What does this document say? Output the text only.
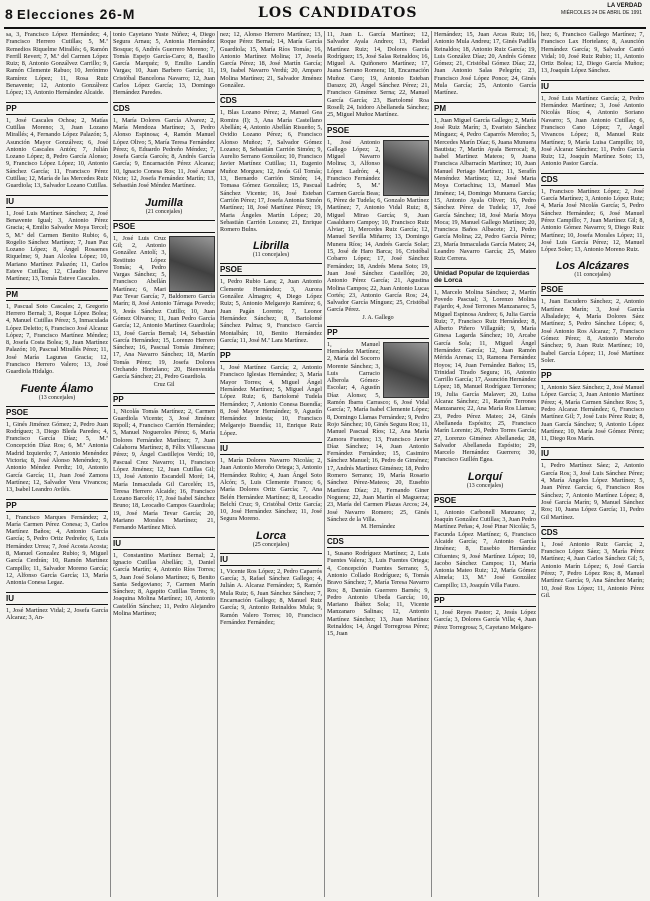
8 Elecciones 26-M	LOS CANDIDATOS	LA VERDAD
MIÉRCOLES 24 DE ABRIL DE 1991

sa, 3, Francisco López Hernández; 4, Francisco Herrero Cutillas; 5, M.ª Remedios Riquelme Mirallés; 6, Ramón Ferrill Revert; 7, M.ª del Carmen López Ruiz; 8, Antonio Gonzálvez Carrillo; 9, Ramón Clemente Rabuo; 10, Jerónimo Ramírez López; 11, Rosa Ruiz Benavente; 12, Antonio Gonzálvez López; 13, Antonio Hernández Alcaide.

PP

1, José Cascales Ochoa; 2, Matías Cutillas Moreno; 3, Juan Lozano Mirallés; 4, Fernando López Palazón; 5, Asunción Mayor Gonzálvez; 6, José Antonio Cascales Antón; 7, Julián Lozano López; 8, Pedro García Alonso; 9, Francisco López López; 10, Antonio Sánchez García; 11, Francisco Pérez Cutillas; 12, María de las Mercedes Ruiz Guardiola; 13, Salvador Lozano Cutillas.

IU

1, José Luis Martínez Sánchez; 2, José Benavente Igual; 3, Antonio Pérez Gracia; 4, Emilio Salvador Moya Tercel; 5, M.ª del Carmen Benito Rubio; 6, Rogelio Sánchez Martínez; 7, Juan Paz Lozano López; 8, Ángel Rosaenes Riquelme; 9, Juan Alcolea López; 10, Mariano Martínez Palazón; 11, Carlos Esteve Cutillas; 12, Claudio Esteve Martínez; 13, Tomás Esteve Cascales.

PM

1, Pascual Soto Cascales; 2, Gregorio Herrero Bernal; 3, Roque López Bolea; 4, Manuel Cutillas Pérez; 5, Inmaculada López Deleito; 6, Francisco José Alcaraz López; 7, Francisco Martínez Méndez; 8, Josefa Costa Bolea; 9, Juan Martínez Palazón; 10, Pascual Mirallés Pérez; 11, José María Lagunas Gracia; 12, Francisco Herrero Valero; 13, José Guardiola Hidalgo.

Fuente Álamo
(13 concejales)
PSOE

1, Ginés Jiménez Gómez; 2, Pedro Juan Rodríguez; 3, Diego Bleda Paredes; 4, Francisco García Díaz; 5, M.ª Concepción Díaz Ros; 6, M.ª Antonia Madrid Izquierdo; 7, Antonio Menéndez Victoria; 8, José Alonso Menéndez; 9, Antonio Méndez Perdiz; 10, Antonio García García; 11, Juan José Zamora Martínez; 12, Salvador Vera Vivancos; 13, Isabel Leandro Avilés.

PP

1, Francisco Marques Fernández; 2, María Carmen Pérez Conesa; 3, Carlos Martínez Baños; 4, Antonio García García; 5, Pedro Ortiz Pedreño; 6, Luis Hernández Urrea; 7, José Acosta Acosta; 8, Manuel Gonzalez Rubio; 9, Miguel García Cerdrán; 10, Ramón Martínez Campillo; 11, Salvador Moreno García; 12, Alfonso García García; 13, María Antonia Conesa Legaz.

IU

1, José Martínez Vidal; 2, Josefa García Alcaraz; 3, An-

tonio Cayetano Yuste Núñez; 4, Diego Segura Arnau; 5, Antonia Hernández Bosque; 6, Andrés Guerrero Moreno; 7, Tomás Espejo García-Caro; 8, Basilio García Marquéz; 9, Emilio Landín Vargas; 10, Juan Barbero García; 11, Cristóbal Bancelona Navarro; 12, Juan Carlos López García; 13, Domingo Hernández Paredes.

CDS

1, María Dolores García Alvarez; 2, María Mendoza Martínez; 3, Pedro Alonso Espinosa; 4, Ramón Manuel López Olivo; 5, María Teresa Fernández Pérez; 6, Eduardo Pedreño Méndez; 7, Josefa García Garcés; 8, Andrés García García; 9, Encarnación Pérez Alcaraz; 10, Ignacio Conesa Ros; 11, José Aznar Nicte; 12, Josefa Fernández Martín; 13, Sebastián José Méndez Martínez.

Jumilla
(21 concejales)
PSOE

1, José Luis Cruz Gil; 2, Antonio González Antolí; 3, Restituto López Tomás; 4, Pedro Vargas Sánchez; 5, Francisco Abellán Martínez; 6, Mari Paz Tevar García; 7, Baldomero García Marín; 8, José Antonio Tárraga Povedo; 9, Jesús Sánchez Cutillo; 10, Juan Gómez Olivares; 11, Juan Pedro García García; 12, Antonio Martínez Guardiola; 13, José García Bernal; 14, Sebastián García Hernández; 15, Lorenzo Herrero Sánchez; 16, Pascual Tomás Jiménez; 17, Ana Navarro Sánchez; 18, Martín Tomás Pérez; 19, Josefa Dolores Orchando Hortelano; 20, Bienvenida García Sánchez; 21, Pedro Guardiola.

Cruz Gil
PP

1, Nicolás Tomás Martínez; 2, Carmen Guardiola Vicente; 3, José Jiménez Ripoll; 4, Francisco Carrión Hernández; 5, Manuel Nogueroles Pérez; 6, María Dolores Fernández Martínez; 7, Juan Calahorra Martínez; 8, Félix Villaescusa Pérez; 9, Ángel Castillejos Verdú; 10, Pascual Crez Navarro; 11, Francisco López Jiménez; 12, Juan Cutillas Gil; 13, José Antonio Escandell Moré; 14, María Inmaculada Gil Carcelén; 15, Teresa Herrero Alcaide; 16, Francisco Lozano Barceló; 17, José Isabel Sánchez Bruno; 18, Leocadio Campos Guardiola; 19, José María Tevar García; 20, Mariano Morales Martínez; 21, Fernando Martínez Micó.

IU

1, Constantino Martínez Bernal; 2, Ignacio Cutillas Abellán; 3, Daniel García Martín; 4, Antonio Ríos Torres; 5, Juan José Solano Martínez; 6, Benito Santa Sedgoviano; 7, Carmen Marín Sánchez; 8, Agapito Cutillas Torres; 9, Joaquina Molina Martínez; 10, Antonio Castellón Sánchez; 11, Pedro Alejandro Molina Martínez;

nez; 12, Alonso Herrero Martínez; 13, Roque Pérez Bernal; 14, María García Guardiola; 15, María Ríos Tomás; 16, Antonio Martínez Molina; 17, Josefa García Pérez; 18, José Martín García; 19, Isabel Navarro Verdú; 20, Amparo Molina Martínez; 21, Salvador Jiménez González.

CDS

1, Blas Lozano Pérez; 2, Manuel Gea Romira (I); 3, Ana María Castellano Abellán; 4, Antonio Abellán Risueño; 5, Ovidio Lozano Pérez; 6, Francisco Alonso Muñoz; 7, Salvador Gómez Lozano; 8, Sebastián Carrión Simón; 9, Aurelio Serrano González; 10, Francisco Javier Martínez Cutillas; 11, Eugenio Muñoz Morgues; 12, Jesús Gil Tomás; 13, Bernardo Carrión Simón; 14, Tomasa Gómez González; 15, Pascual Sánchez Vicente; 16, José Esteban Carrión Pérez; 17, Josefa Antonia Simón Martínez; 18, José Martínez Pérez; 19, Maria Ángeles Martín López; 20, Sebastián Carrión Lozano; 21, Enrique Romero Bulns.

Librilla
(11 concejales)
PSOE

1, Pedro Rubio Lara; 2, Juan Antonio Clemente Hernández; 3, Aurora González Almagro; 4, Diego López Ruiz; 5, Antonio Melgarejo Ramírez; 6, Juan Pagán Lorente; 7, Leonor Hernández Sánchez; 8, Bartolomé Sánchez Palma; 9, Francisco García Montalbán; 10, Benito Hernández García; 11, José M.ª Lara Martínez.

PP

1, José Martínez García; 2, Antonio Francisco Iglesias Hernández; 3, María Mayor Torres; 4, Miguel Ángel Hernández Martínez; 5, Miguel Ángel López Ruiz; 6, Bartolomé Tudela Hernández; 7, Antonio Conesa Buendía; 8, José Mayor Hernández; 9, Agustín Hernández Iniesta; 10, Francisco Melgarejo Buendía; 11, Enrique Ruiz López.

IU

1, María Dolores Navarro Nicolás; 2, Juan Antonio Meroño Ortega; 3, Antonio Hernández Rubio; 4, Juan Ángel Soto Alcón; 5, Luis Clemente Franco; 6, María Dolores Ortiz García; 7, Ana Belén Hernández Martínez; 8, Leocadio Belchí Cruz; 9, Cristóbal Ortiz García; 10, José Hernández Sánchez; 11, José Segura Moreno.

Lorca
(25 concejales)
IU

1, Vicente Ros López; 2, Pedro Caparrós García; 3, Rafael Sánchez Gallego; 4, Julián A. Alcaraz Fernández; 5, Ramón Mula Ruiz; 6, Juan Sánchez Sánchez; 7, Encarnación Gallego; 8, Manuel Ruiz García; 9, Antonio Reinaldos Mula; 9, Ramón Valero Torres; 10, Francisco Fernández Fernández;

11, Juan L. García Martínez; 12, Salvador Ayala Andreo; 13, Piedad Martínez Ruiz; 14, Dolores García Rodríguez; 15, José Salas Reinaldos; 16, Miguel A. Quiñonero Martínez; 17, Juana Serrano Romera; 18, Encarnación Muñoz Caro; 19, Antonio Esteban Darazo; 20, Ángel Sánchez Pérez; 21, Francisco Giménez Serna; 22, Manuel García García; 23, Bartolomé Roa Rosell; 24, Isidoro Abellaneda Sánchez; 25, Miguel Muñoz Martínez.

PSOE

1, José Antonio Gallego López; 2, Miguel Navarro Molina; 3, Alfonso López Ladrón; 4, Francisco Fernández Ladrón; 5, M.ª Carmen García Beas; 6, Pérez de Tudela; 6, Gonzalo Martínez Martínez; 7, Antonio Vidal Ruiz; 8, Miguel Mirao García; 9, Juan Casalduero Campoy; 10, Francisco Ruiz Alviar; 11, Mercedes Ruiz García; 12, Manuel Sevilla Miñarro; 13, Domingo Munera Ríos; 14, Andrés García Solar; 15, José de Haro Barca; 16, Cristóbal Cobarro López; 17, José Sánchez Fernández; 18, Andrés Mena Soto; 19, Juan José Sánchez Castellón; 20, Antonio Pérez García; 21, Agustina Molina Campos; 22, Juan Antonio Lucas Cortés; 23, Antonio García Ros; 24, Salvador García Mínguez; 25, Cristóbal García Pérez.

J. A. Gallego
PP

1, Manuel Hernández Martínez; 2, María del Socorro Morente Sánchez; 3, Luis Carracio Alberola Gómez-Escolar; 4, Agustín Díaz Alonso; 5, Ramón Ibarra Carrasco; 6, José Vidal García; 7, María Isabel Clemente López; 8, Domingo Llamas Fernández; 9, Pedro Rojo Sánchez; 10, Ginés Segura Ros; 11, Manuel Pascual Ríos; 12, Ana María Zamora Fuentes; 13, Francisco Javier Díaz Sánchez; 14, Juan Antonio Fernández Fernández; 15, Casimiro Sánchez Manuel; 16, Pedro de Giménez; 17, Andrés Martínez Giménez; 18, Pedro Romero Serrano; 19, María Rosario Sánchez Pérez-Mateos; 20, Eusebio Martínez Díaz; 21, Fernando Giner Noguera; 22, Juan Martín el Maguerza; 23, María del Carmen Plazas Arcos; 24, José Navarro Romero; 25, Ginés Sánchez de la Villa.

M. Hernández
CDS

1, Susano Rodríguez Martínez; 2, Luis Fuentes Valera; 3, Luis Fuentes Ortega; 4, Concepción Fuentes Serrano; 5, Antonio Collado Rodríguez; 6, Tomás Bravo Sánchez; 7, María Teresa Navarro Ros; 8, Damián Guerrero Barnés; 9, Pedro Antonio Ubeda García; 10, Mariano Ibáñez Sola; 11, Vicente Manzanaro Salinas; 12, Antonio Martínez Sánchez; 13, Juan Martínez Reinaldos; 14, Ángel Torregrosa Pérez; 15, Juan

Hernández; 15, Juan Arcas Ruiz; 16, Antonio Mula Andreu; 17, Ginés Padilla Reinaldos; 18, Antonio Ruiz García; 19, Luis González Díaz; 20, Andrés Gómez Gómez; 21, Cristóbal Gómez Díaz; 22, Juan Antonio Salas Pelegrín; 23, Francisco José López Ponce; 24, Ginés Mula García; 25, Antonio García Martínez.

PM

1, Juan Miguel García Gallego; 2, María José Ruiz Marín; 3, Evaristo Sánchez Mínguez; 4, Pedro Caparrós Meroño; 5, Mercedes Marín Díaz; 6, Juana Munuera Bautista; 7, Martín Ayala Berrocal; 8, Isabel Martínez Mateos; 9, Juana Francisca Albarracín Martínez; 10, Juan Manuel Periago Martínez; 11, Serafín Menéndez Martínez; 12, José Maria Moya Cortachina; 13, Manuel Mas Jiménez; 14, Domingo Munuera García; 15, Antonio Ayala Oliver; 16, Pedro Sánchez Pérez de Tudela; 17, José García Sánchez; 18, José María Moya Moca; 19, Manuel Gallego Martínez; 20, Francisca Baños Albacete; 21, Pedro García Molina; 22, Pedro García Pérez; 23, María Inmaculada García Mateo; 24, Leandro Navarro García; 25, Mateo Ruiz Cerrera.

Unidad Popular de Izquierdas de Lorca

1, Marcelo Molina Sánchez; 2, Martín Povedo Pascual; 3, Lorenzo Molina Fajardo; 4, José Terrones Manzanares; 5, Miguel Espinosa Andreo; 6, Julia García Ruiz; 7, Francisco Ruiz Hernández; 8, Alberto Piñero Villagráñ; 9, María Ginesa Lagarda Sánchez; 10, Arcabe García Sola; 11, Miguel Ángel Hernández García; 12, Juan Ramón Mérida Arenas; 13, Ramona Fernández Hoyos; 14, Juan Fernández Baños; 15, Trinidad Tirado Segura; 16, Antonio Carrillo García; 17, Asunción Hernández López; 18, Manuel Rodríguez Terrones; 19, Julia García Malaver; 20, Luisa Alcaraz Sánchez; 21, Ramón Terrones Manzanares; 22, Ana María Ros Llamas; 23, Pedro Pérez Mateo; 24, Ginés Abellaneda Espósito; 25, Francisco Marín Lorente; 26, Pedro Torres García; 27, Lorenzo Giménez Abellaneda; 28, Salvador Abellaneda Espósito; 29, Marcelo Hernández Guerrero; 30, Francisco Guillén Egea.

Lorquí
(13 concejales)
PSOE

1, Antonio Carbonell Manzano; 2, Joaquín González Cutillas; 3, Juan Pedro Martínez Peñas; 4, José Pinar Nicolás; 5, Facunda López Martínez; 6, Francisco Alcaide García; 7, Antonio García Jiménez; 8, Eusebio Hernández Cifuentes; 9, José Martínez López; 10, Jacobo Sánchez Campos; 11, María Antonia Mateo Ruiz; 12, María Gómez Almela; 13, M.ª José González Campillo; 13, Joaquín Villa Fauro.

PP

1, José Reyes Pastor; 2, Jesús López García; 3, Dolores García Villa; 4, Juan Pérez Torregrosa; 5, Cayetano Melgare-

hez; 6, Francisco Gallego Martínez; 7, Francisco Lax Hortelano; 8, Asunción Hernández García; 9, Salvador Cantó Vidal; 10, José Ruiz Rubio; 11, Antonio Ortiz Bolea; 12, Diego García Muñoz; 13, Joaquín López Sánchez.

IU

1, José Luis Martínez García; 2, Pedro Hernández Martínez; 3, José Antonio Nicolás Ríos; 4, Antonio Soriano Navarro; 5, Juan Antonio Cutillas; 6, Francisco Cano López; 7, Ángel Vivancos López; 8, Manuel Ruiz Martínez; 9, María Luisa Campillo; 10, José Alcaraz Sánchez; 11, Pedro García Ruiz; 12, Joaquín Martínez Soto; 13, Antonio Pastor García.

CDS

1, Francisco Martínez López; 2, José García Martínez; 3, Antonio López Ruiz; 4, María José Nicolás García; 5, Pedro Sánchez Hernández; 6, José Manuel Pérez Campillo; 7, Juan Martínez Gil; 8, Antonio Gómez Navarro; 9, Diego Ruiz Martínez; 10, Josefa Morales López; 11, José Luis García Pérez; 12, Manuel López Soler; 13, Antonio Moreno Ruiz.

Los Alcázares
(11 concejales)
PSOE

1, Juan Escudero Sánchez; 2, Antonio Martínez Marín; 3, José García Albaladejo; 4, María Dolores Sáez Martínez; 5, Pedro Sánchez López; 6, José Antonio Ros Alcaraz; 7, Francisco Gómez Pérez; 8, Antonio Meroño Sánchez; 9, Juan Ruiz Martínez; 10, Isabel García López; 11, José Martínez Soler.

PP

1, Antonio Sáez Sánchez; 2, José Manuel López García; 3, Juan Antonio Martínez Pérez; 4, María Carmen Sánchez Ros; 5, Pedro Alcaraz Hernández; 6, Francisco Martínez Gil; 7, José Luis Pérez Ruiz; 8, Juan García Sánchez; 9, Antonio López Martínez; 10, María José Gómez Pérez; 11, Diego Ros Marín.

IU

1, Pedro Martínez Sáez; 2, Antonio García Ros; 3, José Luis Sánchez Pérez; 4, María Ángeles López Martínez; 5, Juan Pérez García; 6, Francisco Ros Sánchez; 7, Antonio Martínez López; 8, José García Marín; 9, Manuel Sánchez Ros; 10, Juana López García; 11, Pedro Gil Martínez.

CDS

1, José Antonio Ruiz García; 2, Francisco López Sáez; 3, María Pérez Martínez; 4, Juan Carlos Sánchez Gil; 5, Antonio Marín López; 6, José García Pérez; 7, Pedro López Ros; 8, Manuel Martínez García; 9, Ana Sánchez Marín; 10, José Ros López; 11, Antonio Pérez Gil.
